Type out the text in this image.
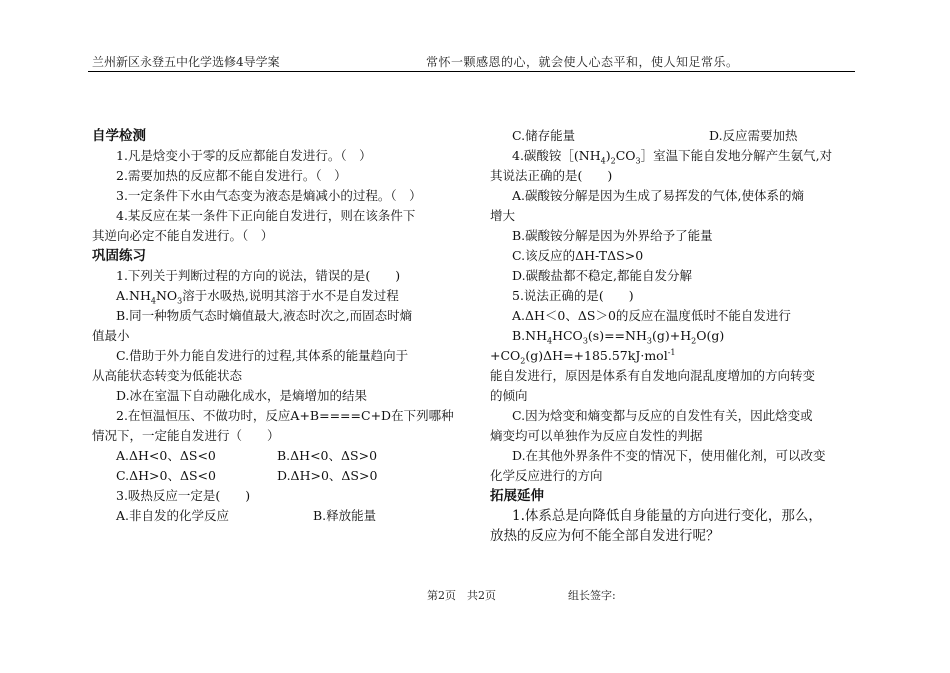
兰州新区永登五中化学选修4导学案	常怀一颗感恩的心，就会使人心态平和，使人知足常乐。
自学检测
1.凡是焓变小于零的反应都能自发进行。（　）
2.需要加热的反应都不能自发进行。（　）
3.一定条件下水由气态变为液态是熵减小的过程。（　）
4.某反应在某一条件下正向能自发进行，则在该条件下
其逆向必定不能自发进行。（　）
巩固练习
1.下列关于判断过程的方向的说法，错误的是(　　)
$A.NH_4NO_3$溶于水吸热,说明其溶于水不是自发过程
B.同一种物质气态时熵值最大,液态时次之,而固态时熵
值最小
C.借助于外力能自发进行的过程,其体系的能量趋向于
从高能状态转变为低能状态
D.冰在室温下自动融化成水，是熵增加的结果
2.在恒温恒压、不做功时，反应A+B====C+D在下列哪种
情况下，一定能自发进行（　　）
A.ΔH<0、ΔS<0	B.ΔH<0、ΔS>0
C.ΔH>0、ΔS<0	D.ΔH>0、ΔS>0
3.吸热反应一定是(　　)
A.非自发的化学反应	B.释放能量
C.储存能量	D.反应需要加热
4.碳酸铵$[(NH_4)_2CO_3]$室温下能自发地分解产生氨气,对
其说法正确的是(　　)
A.碳酸铵分解是因为生成了易挥发的气体,使体系的熵
增大
B.碳酸铵分解是因为外界给予了能量
C.该反应的ΔH-TΔS>0
D.碳酸盐都不稳定,都能自发分解
5.说法正确的是(　　)
A.ΔH＜0、ΔS＞0的反应在温度低时不能自发进行
$B.NH_4HCO_3(s)==NH_3(g)+H_2O(g)$
$+CO_2(g)\Delta H=+185.57kJ\cdot mol^{-1}$
能自发进行，原因是体系有自发地向混乱度增加的方向转变
的倾向
C.因为焓变和熵变都与反应的自发性有关，因此焓变或
熵变均可以单独作为反应自发性的判据
D.在其他外界条件不变的情况下，使用催化剂，可以改变
化学反应进行的方向
拓展延伸
1.体系总是向降低自身能量的方向进行变化，那么，
放热的反应为何不能全部自发进行呢？
第2页　共2页	组长签字:
